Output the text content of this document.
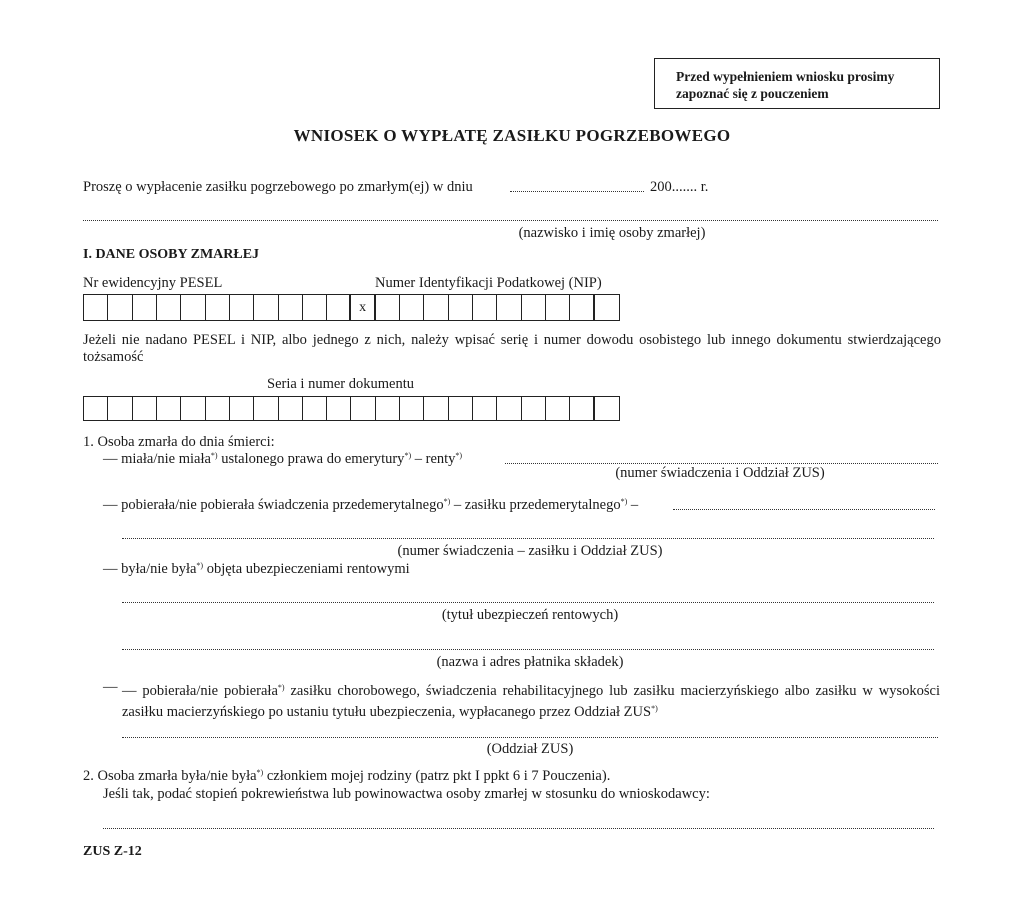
Przed wypełnieniem wniosku prosimy
zapoznać się z pouczeniem
WNIOSEK O WYPŁATĘ ZASIŁKU POGRZEBOWEGO
Proszę o wypłacenie zasiłku pogrzebowego po zmarłym(ej) w dniu	200....... r.
(nazwisko i imię osoby zmarłej)
I. DANE OSOBY ZMARŁEJ
Nr ewidencyjny PESEL	Numer Identyfikacji Podatkowej (NIP)
x
Jeżeli nie nadano PESEL i NIP, albo jednego z nich, należy wpisać serię i numer dowodu osobistego lub innego dokumentu stwierdzającego tożsamość
Seria i numer dokumentu
1. Osoba zmarła do dnia śmierci:
— miała/nie miała*) ustalonego prawa do emerytury*) – renty*)
(numer świadczenia i Oddział ZUS)
— pobierała/nie pobierała świadczenia przedemerytalnego*) – zasiłku przedemerytalnego*) –
(numer świadczenia – zasiłku i Oddział ZUS)
— była/nie była*) objęta ubezpieczeniami rentowymi
(tytuł ubezpieczeń rentowych)
(nazwa i adres płatnika składek)
— — pobierała/nie pobierała*) zasiłku chorobowego, świadczenia rehabilitacyjnego lub zasiłku macierzyńskiego albo zasiłku w wysokości zasiłku macierzyńskiego po ustaniu tytułu ubezpieczenia, wypłacanego przez Oddział ZUS*)
(Oddział ZUS)
2. Osoba zmarła była/nie była*) członkiem mojej rodziny (patrz pkt I ppkt 6 i 7 Pouczenia).
Jeśli tak, podać stopień pokrewieństwa lub powinowactwa osoby zmarłej w stosunku do wnioskodawcy:
ZUS Z-12
